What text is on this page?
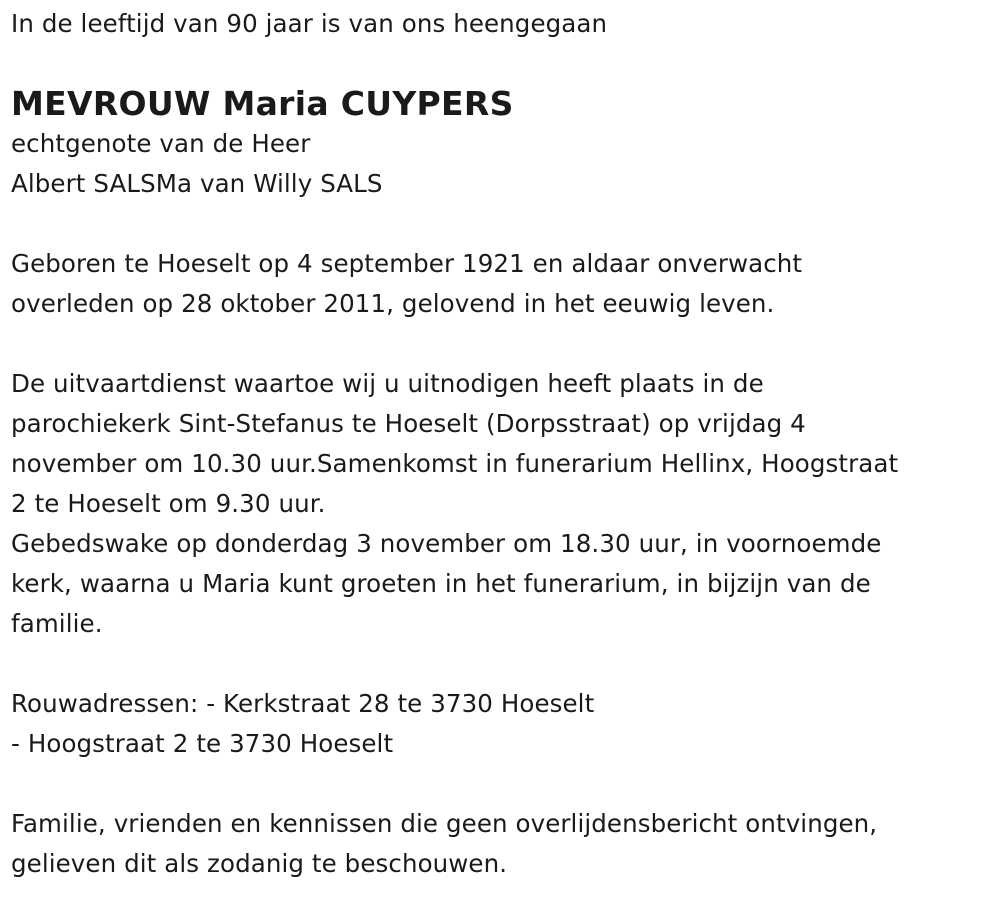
In de leeftijd van 90 jaar is van ons heengegaan
MEVROUW Maria CUYPERS
echtgenote van de Heer
Albert SALSMa van Willy SALS
Geboren te Hoeselt op 4 september 1921 en aldaar onverwacht
overleden op 28 oktober 2011, gelovend in het eeuwig leven.
De uitvaartdienst waartoe wij u uitnodigen heeft plaats in de
parochiekerk Sint-Stefanus te Hoeselt (Dorpsstraat) op vrijdag 4
november om 10.30 uur.Samenkomst in funerarium Hellinx, Hoogstraat
2 te Hoeselt om 9.30 uur.
Gebedswake op donderdag 3 november om 18.30 uur, in voornoemde
kerk, waarna u Maria kunt groeten in het funerarium, in bijzijn van de
familie.
Rouwadressen: - Kerkstraat 28 te 3730 Hoeselt
- Hoogstraat 2 te 3730 Hoeselt
Familie, vrienden en kennissen die geen overlijdensbericht ontvingen,
gelieven dit als zodanig te beschouwen.
